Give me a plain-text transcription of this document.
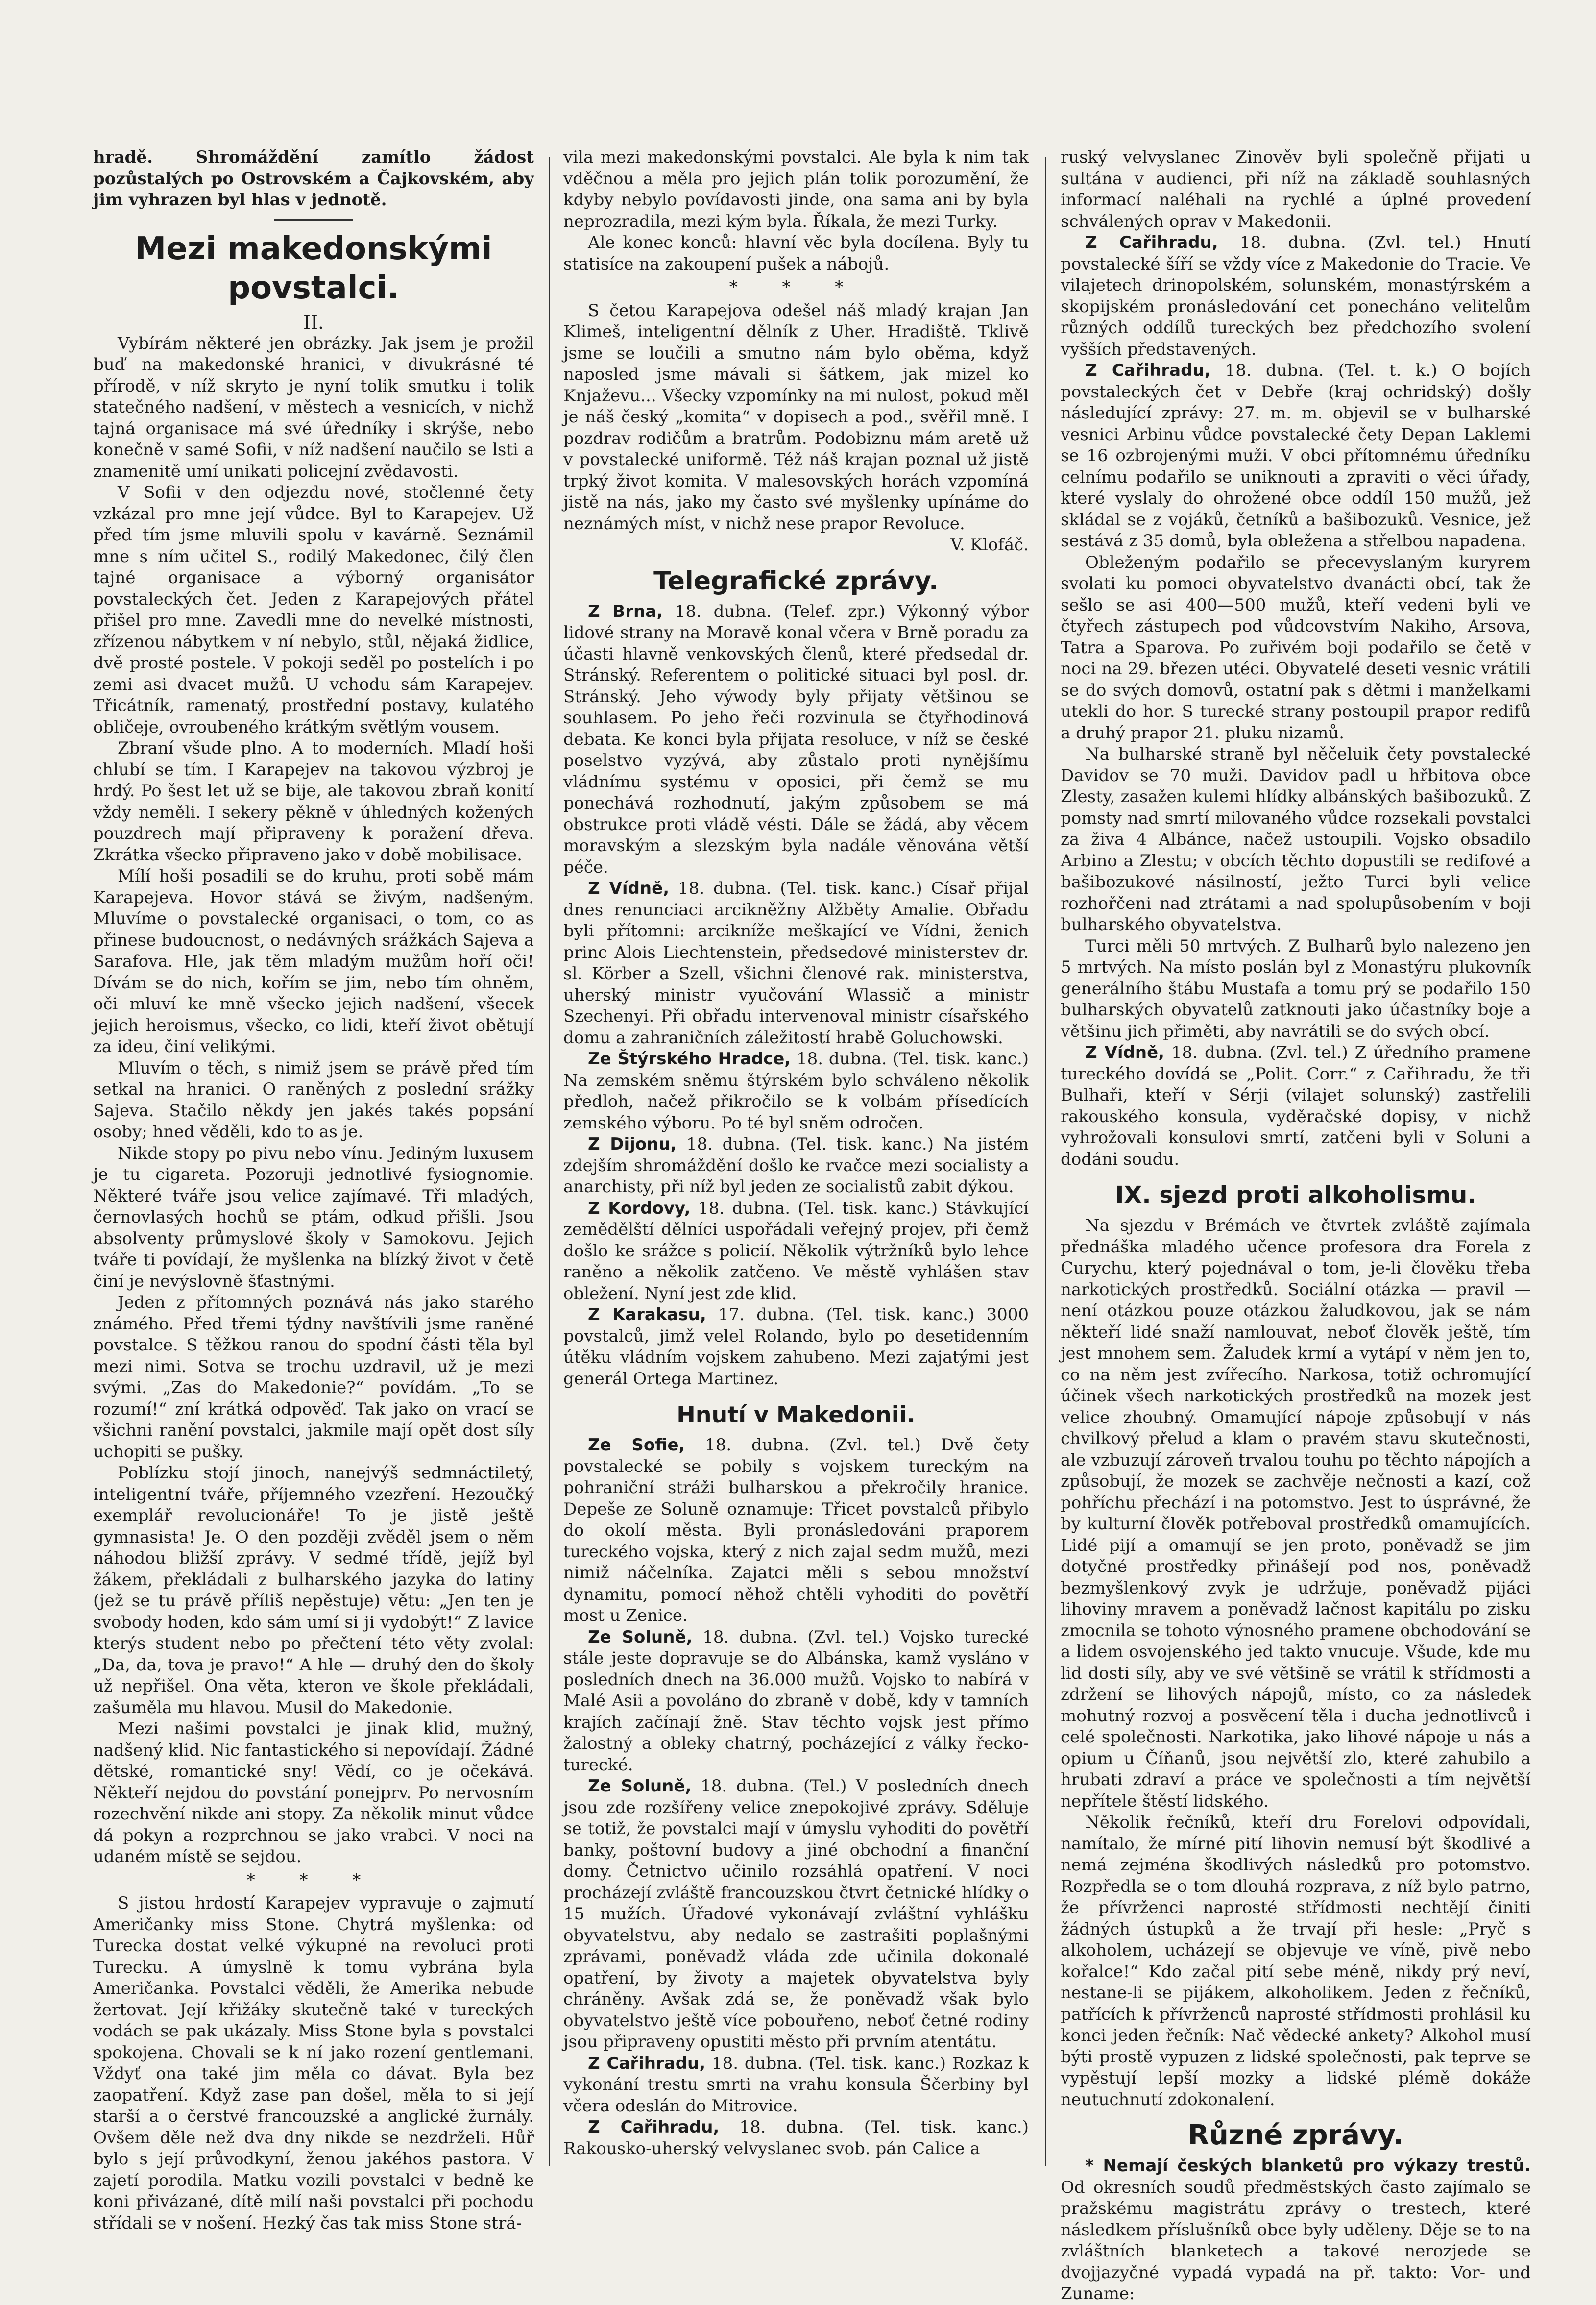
hradě. Shromáždění zamítlo žádost pozůstalých po Ostrovském a Čajkovském, aby jim vyhrazen byl hlas v jednotě.

Mezi makedonskými povstalci.
II.

Vybírám některé jen obrázky. Jak jsem je prožil buď na makedonské hranici, v divukrásné té přírodě, v níž skryto je nyní tolik smutku i tolik statečného nadšení, v městech a vesnicích, v nichž tajná organisace má své úředníky i skrýše, nebo konečně v samé Sofii, v níž nadšení naučilo se lsti a znamenitě umí unikati policejní zvědavosti.

V Sofii v den odjezdu nové, stočlenné čety vzkázal pro mne její vůdce. Byl to Karapejev. Už před tím jsme mluvili spolu v kavárně. Seznámil mne s ním učitel S., rodilý Makedonec, čilý člen tajné organisace a výborný organisátor povstaleckých čet. Jeden z Karapejových přátel přišel pro mne. Zavedli mne do nevelké místnosti, zřízenou nábytkem v ní nebylo, stůl, nějaká židlice, dvě prosté postele. V pokoji seděl po postelích i po zemi asi dvacet mužů. U vchodu sám Karapejev. Třicátník, ramenatý, prostřední postavy, kulatého obličeje, ovroubeného krátkým světlým vousem.

Zbraní všude plno. A to moderních. Mladí hoši chlubí se tím. I Karapejev na takovou výzbroj je hrdý. Po šest let už se bije, ale takovou zbraň konití vždy neměli. I sekery pěkně v úhledných kožených pouzdrech mají připraveny k poražení dřeva. Zkrátka všecko připraveno jako v době mobilisace.

Mílí hoši posadili se do kruhu, proti sobě mám Karapejeva. Hovor stává se živým, nadšeným. Mluvíme o povstalecké organisaci, o tom, co as přinese budoucnost, o nedávných srážkách Sajeva a Sarafova. Hle, jak těm mladým mužům hoří oči! Dívám se do nich, kořím se jim, nebo tím ohněm, oči mluví ke mně všecko jejich nadšení, všecek jejich heroismus, všecko, co lidi, kteří život obětují za ideu, činí velikými.

Mluvím o těch, s nimiž jsem se právě před tím setkal na hranici. O raněných z poslední srážky Sajeva. Stačilo někdy jen jakés takés popsání osoby; hned věděli, kdo to as je.

Nikde stopy po pivu nebo vínu. Jediným luxusem je tu cigareta. Pozoruji jednotlivé fysiognomie. Některé tváře jsou velice zajímavé. Tři mladých, černovlasých hochů se ptám, odkud přišli. Jsou absolventy průmyslové školy v Samokovu. Jejich tváře ti povídají, že myšlenka na blízký život v četě činí je nevýslovně šťastnými.

Jeden z přítomných poznává nás jako starého známého. Před třemi týdny navštívili jsme raněné povstalce. S těžkou ranou do spodní části těla byl mezi nimi. Sotva se trochu uzdravil, už je mezi svými. „Zas do Makedonie?“ povídám. „To se rozumí!“ zní krátká odpověď. Tak jako on vrací se všichni ranění povstalci, jakmile mají opět dost síly uchopiti se pušky.

Poblízku stojí jinoch, nanejvýš sedmnáctiletý, inteligentní tváře, příjemného vzezření. Hezoučký exemplář revolucionáře! To je jistě ještě gymnasista! Je. O den později zvěděl jsem o něm náhodou bližší zprávy. V sedmé třídě, jejíž byl žákem, překládali z bulharského jazyka do latiny (jež se tu právě příliš nepěstuje) větu: „Jen ten je svobody hoden, kdo sám umí si ji vydobýt!“ Z lavice kterýs student nebo po přečtení této věty zvolal: „Da, da, tova je pravo!“ A hle — druhý den do školy už nepřišel. Ona věta, kteron ve škole překládali, zašuměla mu hlavou. Musil do Makedonie.

Mezi našimi povstalci je jinak klid, mužný, nadšený klid. Nic fantastického si nepovídají. Žádné dětské, romantické sny! Vědí, co je očekává. Někteří nejdou do povstání ponejprv. Po nervosním rozechvění nikde ani stopy. Za několik minut vůdce dá pokyn a rozprchnou se jako vrabci. V noci na udaném místě se sejdou.

* * *

S jistou hrdostí Karapejev vypravuje o zajmutí Američanky miss Stone. Chytrá myšlenka: od Turecka dostat velké výkupné na revoluci proti Turecku. A úmyslně k tomu vybrána byla Američanka. Povstalci věděli, že Amerika nebude žertovat. Její křižáky skutečně také v tureckých vodách se pak ukázaly. Miss Stone byla s povstalci spokojena. Chovali se k ní jako rození gentlemani. Vždyť ona také jim měla co dávat. Byla bez zaopatření. Když zase pan došel, měla to si její starší a o čerstvé francouzské a anglické žurnály. Ovšem děle než dva dny nikde se nezdrželi. Hůř bylo s její průvodkyní, ženou jakéhos pastora. V zajetí porodila. Matku vozili povstalci v bedně ke koni přivázané, dítě milí naši povstalci při pochodu střídali se v nošení. Hezký čas tak miss Stone strá-

vila mezi makedonskými povstalci. Ale byla k nim tak vděčnou a měla pro jejich plán tolik porozumění, že kdyby nebylo povídavosti jinde, ona sama ani by byla neprozradila, mezi kým byla. Říkala, že mezi Turky.

Ale konec konců: hlavní věc byla docílena. Byly tu statisíce na zakoupení pušek a nábojů.

* * *

S četou Karapejova odešel náš mladý krajan Jan Klimeš, inteligentní dělník z Uher. Hradiště. Tklivě jsme se loučili a smutno nám bylo oběma, když naposled jsme mávali si šátkem, jak mizel ko Knjaževu... Všecky vzpomínky na mi nulost, pokud měl je náš český „komita“ v dopisech a pod., svěřil mně. I pozdrav rodičům a bratrům. Podobiznu mám aretě už v povstalecké uniformě. Též náš krajan poznal už jistě trpký život komita. V malesovských horách vzpomíná jistě na nás, jako my často své myšlenky upínáme do neznámých míst, v nichž nese prapor Revoluce.

V. Klofáč.
Telegrafické zprávy.

Z Brna, 18. dubna. (Telef. zpr.) Výkonný výbor lidové strany na Moravě konal včera v Brně poradu za účasti hlavně venkovských členů, které předsedal dr. Stránský. Referentem o politické situaci byl posl. dr. Stránský. Jeho výwody byly přijaty většinou se souhlasem. Po jeho řeči rozvinula se čtyřhodinová debata. Ke konci byla přijata resoluce, v níž se české poselstvo vyzývá, aby zůstalo proti nynějšímu vládnímu systému v oposici, při čemž se mu ponechává rozhodnutí, jakým způsobem se má obstrukce proti vládě vésti. Dále se žádá, aby věcem moravským a slezským byla nadále věnována větší péče.

Z Vídně, 18. dubna. (Tel. tisk. kanc.) Císař přijal dnes renunciaci arcikněžny Alžběty Amalie. Obřadu byli přítomni: arcikníže meškající ve Vídni, ženich princ Alois Liechtenstein, předsedové ministerstev dr. sl. Körber a Szell, všichni členové rak. ministerstva, uherský ministr vyučování Wlassič a ministr Szechenyi. Při obřadu intervenoval ministr císařského domu a zahraničních záležitostí hrabě Goluchowski.

Ze Štýrského Hradce, 18. dubna. (Tel. tisk. kanc.) Na zemském sněmu štýrském bylo schváleno několik předloh, načež přikročilo se k volbám přísedících zemského výboru. Po té byl sněm odročen.

Z Dijonu, 18. dubna. (Tel. tisk. kanc.) Na jistém zdejším shromáždění došlo ke rvačce mezi socialisty a anarchisty, při níž byl jeden ze socialistů zabit dýkou.

Z Kordovy, 18. dubna. (Tel. tisk. kanc.) Stávkující zemědělští dělníci uspořádali veřejný projev, při čemž došlo ke srážce s policií. Několik výtržníků bylo lehce raněno a několik zatčeno. Ve městě vyhlášen stav obležení. Nyní jest zde klid.

Z Karakasu, 17. dubna. (Tel. tisk. kanc.) 3000 povstalců, jimž velel Rolando, bylo po desetidenním útěku vládním vojskem zahubeno. Mezi zajatými jest generál Ortega Martinez.

Hnutí v Makedonii.

Ze Sofie, 18. dubna. (Zvl. tel.) Dvě čety povstalecké se pobily s vojskem tureckým na pohraniční stráži bulharskou a překročily hranice. Depeše ze Soluně oznamuje: Třicet povstalců přibylo do okolí města. Byli pronásledováni praporem tureckého vojska, který z nich zajal sedm mužů, mezi nimiž náčelníka. Zajatci měli s sebou množství dynamitu, pomocí něhož chtěli vyhoditi do povětří most u Zenice.

Ze Soluně, 18. dubna. (Zvl. tel.) Vojsko turecké stále jeste dopravuje se do Albánska, kamž vysláno v posledních dnech na 36.000 mužů. Vojsko to nabírá v Malé Asii a povoláno do zbraně v době, kdy v tamních krajích začínají žně. Stav těchto vojsk jest přímo žalostný a obleky chatrný, pocházející z války řecko-turecké.

Ze Soluně, 18. dubna. (Tel.) V posledních dnech jsou zde rozšířeny velice znepokojivé zprávy. Sděluje se totiž, že povstalci mají v úmyslu vyhoditi do povětří banky, poštovní budovy a jiné obchodní a finanční domy. Četnictvo učinilo rozsáhlá opatření. V noci procházejí zvláště francouzskou čtvrt četnické hlídky o 15 mužích. Úřadové vykonávají zvláštní vyhlášku obyvatelstvu, aby nedalo se zastrašiti poplašnými zprávami, poněvadž vláda zde učinila dokonalé opatření, by životy a majetek obyvatelstva byly chráněny. Avšak zdá se, že poněvadž však bylo obyvatelstvo ještě více pobouřeno, neboť četné rodiny jsou připraveny opustiti město při prvním atentátu.

Z Cařihradu, 18. dubna. (Tel. tisk. kanc.) Rozkaz k vykonání trestu smrti na vrahu konsula Ščerbiny byl včera odeslán do Mitrovice.

Z Cařihradu, 18. dubna. (Tel. tisk. kanc.) Rakousko-uherský velvyslanec svob. pán Calice a

ruský velvyslanec Zinověv byli společně přijati u sultána v audienci, při níž na základě souhlasných informací naléhali na rychlé a úplné provedení schválených oprav v Makedonii.

Z Cařihradu, 18. dubna. (Zvl. tel.) Hnutí povstalecké šíří se vždy více z Makedonie do Tracie. Ve vilajetech drinopolském, solunském, monastýrském a skopijském pronásledování cet ponecháno velitelům různých oddílů tureckých bez předchozího svolení vyšších představených.

Z Cařihradu, 18. dubna. (Tel. t. k.) O bojích povstaleckých čet v Debře (kraj ochridský) došly následující zprávy: 27. m. m. objevil se v bulharské vesnici Arbinu vůdce povstalecké čety Depan Laklemi se 16 ozbrojenými muži. V obci přítomnému úředníku celnímu podařilo se uniknouti a zpraviti o věci úřady, které vyslaly do ohrožené obce oddíl 150 mužů, jež skládal se z vojáků, četníků a bašibozuků. Vesnice, jež sestává z 35 domů, byla obležena a střelbou napadena.

Obleženým podařilo se přecevyslaným kuryrem svolati ku pomoci obyvatelstvo dvanácti obcí, tak že sešlo se asi 400—500 mužů, kteří vedeni byli ve čtyřech zástupech pod vůdcovstvím Nakiho, Arsova, Tatra a Sparova. Po zuřivém boji podařilo se četě v noci na 29. březen utéci. Obyvatelé deseti vesnic vrátili se do svých domovů, ostatní pak s dětmi i manželkami utekli do hor. S turecké strany postoupil prapor redifů a druhý prapor 21. pluku nizamů.

Na bulharské straně byl něčeluik čety povstalecké Davidov se 70 muži. Davidov padl u hřbitova obce Zlesty, zasažen kulemi hlídky albánských bašibozuků. Z pomsty nad smrtí milovaného vůdce rozsekali povstalci za živa 4 Albánce, načež ustoupili. Vojsko obsadilo Arbino a Zlestu; v obcích těchto dopustili se redifové a bašibozukové násilností, ježto Turci byli velice rozhořčeni nad ztrátami a nad spolupůsobením v boji bulharského obyvatelstva.

Turci měli 50 mrtvých. Z Bulharů bylo nalezeno jen 5 mrtvých. Na místo poslán byl z Monastýru plukovník generálního štábu Mustafa a tomu prý se podařilo 150 bulharských obyvatelů zatknouti jako účastníky boje a většinu jich přiměti, aby navrátili se do svých obcí.

Z Vídně, 18. dubna. (Zvl. tel.) Z úředního pramene tureckého dovídá se „Polit. Corr.“ z Cařihradu, že tři Bulhaři, kteří v Sérji (vilajet solunský) zastřelili rakouského konsula, vyděračské dopisy, v nichž vyhrožovali konsulovi smrtí, zatčeni byli v Soluni a dodáni soudu.

IX. sjezd proti alkoholismu.

Na sjezdu v Brémách ve čtvrtek zvláště zajímala přednáška mladého učence profesora dra Forela z Curychu, který pojednával o tom, je-li člověku třeba narkotických prostředků. Sociální otázka — pravil — není otázkou pouze otázkou žaludkovou, jak se nám někteří lidé snaží namlouvat, neboť člověk ještě, tím jest mnohem sem. Žaludek krmí a vytápí v něm jen to, co na něm jest zvířecího. Narkosa, totiž ochromující účinek všech narkotických prostředků na mozek jest velice zhoubný. Omamující nápoje způsobují v nás chvilkový přelud a klam o pravém stavu skutečnosti, ale vzbuzují zároveň trvalou touhu po těchto nápojích a způsobují, že mozek se zachvěje nečnosti a kazí, což pohříchu přechází i na potomstvo. Jest to úsprávné, že by kulturní člověk potřeboval prostředků omamujících. Lidé pijí a omamují se jen proto, poněvadž se jim dotyčné prostředky přinášejí pod nos, poněvadž bezmyšlenkový zvyk je udržuje, poněvadž pijáci lihoviny mravem a poněvadž lačnost kapitálu po zisku zmocnila se tohoto výnosného pramene obchodování se a lidem osvojenského jed takto vnucuje. Všude, kde mu lid dosti síly, aby ve své většině se vrátil k střídmosti a zdržení se lihových nápojů, místo, co za následek mohutný rozvoj a posvěcení těla i ducha jednotlivců i celé společnosti. Narkotika, jako lihové nápoje u nás a opium u Číňanů, jsou největší zlo, které zahubilo a hrubati zdraví a práce ve společnosti a tím největší nepřítele štěstí lidského.

Několik řečníků, kteří dru Forelovi odpovídali, namítalo, že mírné pití lihovin nemusí být škodlivé a nemá zejména škodlivých následků pro potomstvo. Rozpředla se o tom dlouhá rozprava, z níž bylo patrno, že přívrženci naprosté střídmosti nechtějí činiti žádných ústupků a že trvají při hesle: „Pryč s alkoholem, ucházejí se objevuje ve víně, pivě nebo kořalce!“ Kdo začal pití sebe méně, nikdy prý neví, nestane-li se pijákem, alkoholikem. Jeden z řečníků, patřících k přívrženců naprosté střídmosti prohlásil ku konci jeden řečník: Nač vědecké ankety? Alkohol musí býti prostě vypuzen z lidské společnosti, pak teprve se vypěstují lepší mozky a lidské plémě dokáže neutuchnutí zdokonalení.

Různé zprávy.

* Nemají českých blanketů pro výkazy trestů. Od okresních soudů předměstských často zajímalo se pražskému magistrátu zprávy o trestech, které následkem příslušníků obce byly uděleny. Děje se to na zvláštních blanketech a takové nerozjede se dvojjazyčné vypadá vypadá na př. takto: Vor- und Zuname:
